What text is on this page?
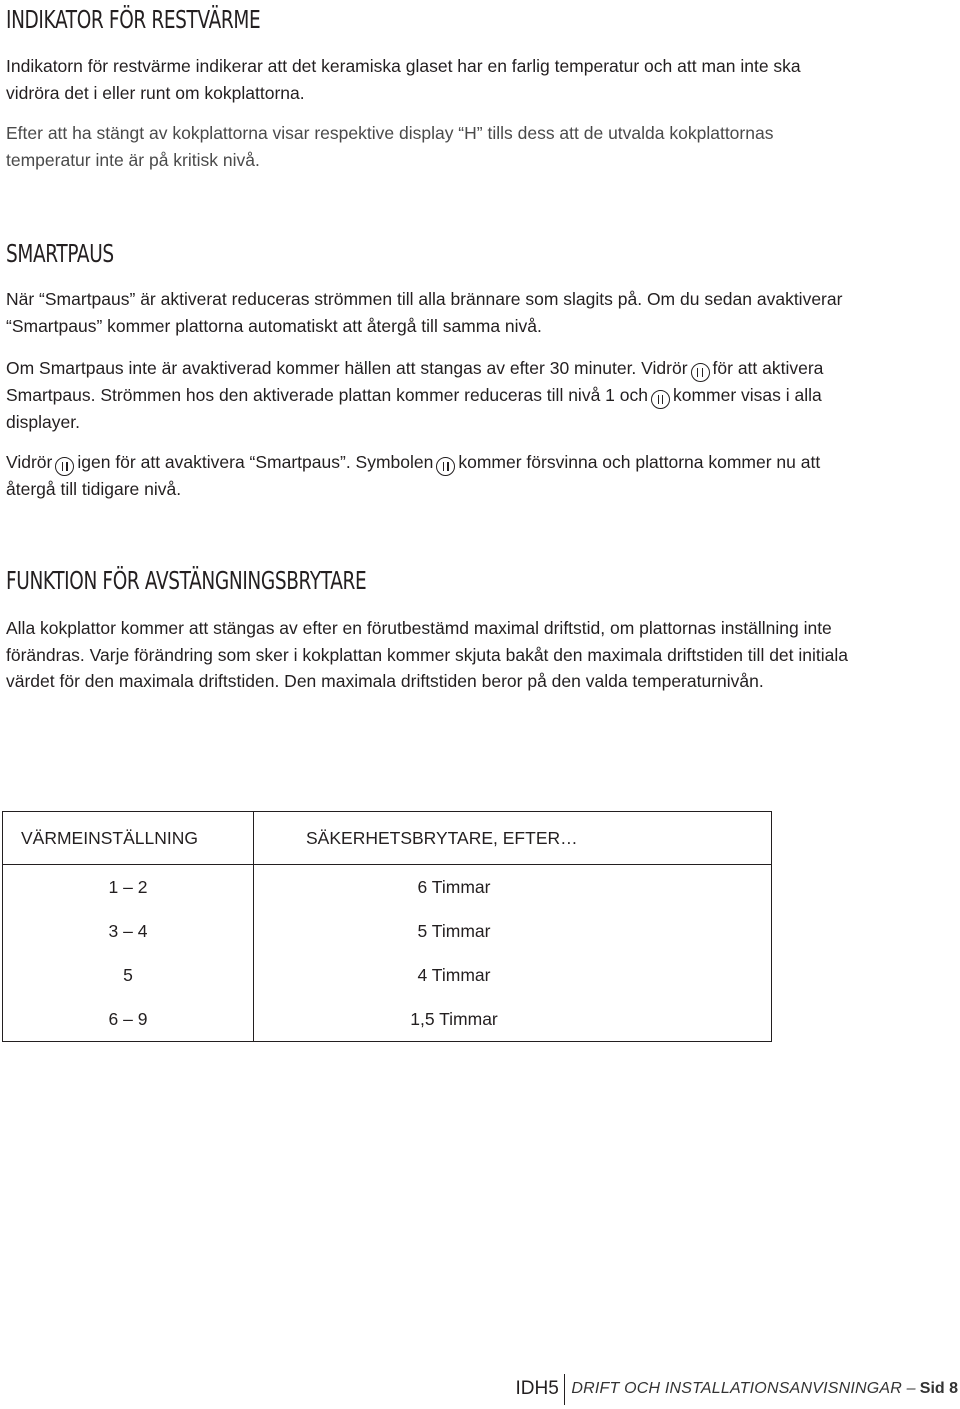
INDIKATOR FÖR RESTVÄRME

Indikatorn för restvärme indikerar att det keramiska glaset har en farlig temperatur och att man inte ska vidröra det i eller runt om kokplattorna.

Efter att ha stängt av kokplattorna visar respektive display “H” tills dess att de utvalda kokplattornas temperatur inte är på kritisk nivå.

SMARTPAUS

När “Smartpaus” är aktiverat reduceras strömmen till alla brännare som slagits på. Om du sedan avaktiverar “Smartpaus” kommer plattorna automatiskt att återgå till samma nivå.

Om Smartpaus inte är avaktiverad kommer hällen att stangas av efter 30 minuter. Vidrör för att aktivera Smartpaus. Strömmen hos den aktiverade plattan kommer reduceras till nivå 1 och kommer visas i alla displayer.

Vidrör igen för att avaktivera “Smartpaus”. Symbolen kommer försvinna och plattorna kommer nu att återgå till tidigare nivå.

FUNKTION FÖR AVSTÄNGNINGSBRYTARE

Alla kokplattor kommer att stängas av efter en förutbestämd maximal driftstid, om plattornas inställning inte förändras. Varje förändring som sker i kokplattan kommer skjuta bakåt den maximala driftstiden till det initiala värdet för den maximala driftstiden. Den maximala driftstiden beror på den valda temperaturnivån.

VÄRMEINSTÄLLNING	SÄKERHETSBRYTARE, EFTER…
1 – 2	6 Timmar

3 – 4	5 Timmar

5	4 Timmar

6 – 9	1,5 Timmar
IDH5 DRIFT OCH INSTALLATIONSANVISNINGAR – Sid 8
